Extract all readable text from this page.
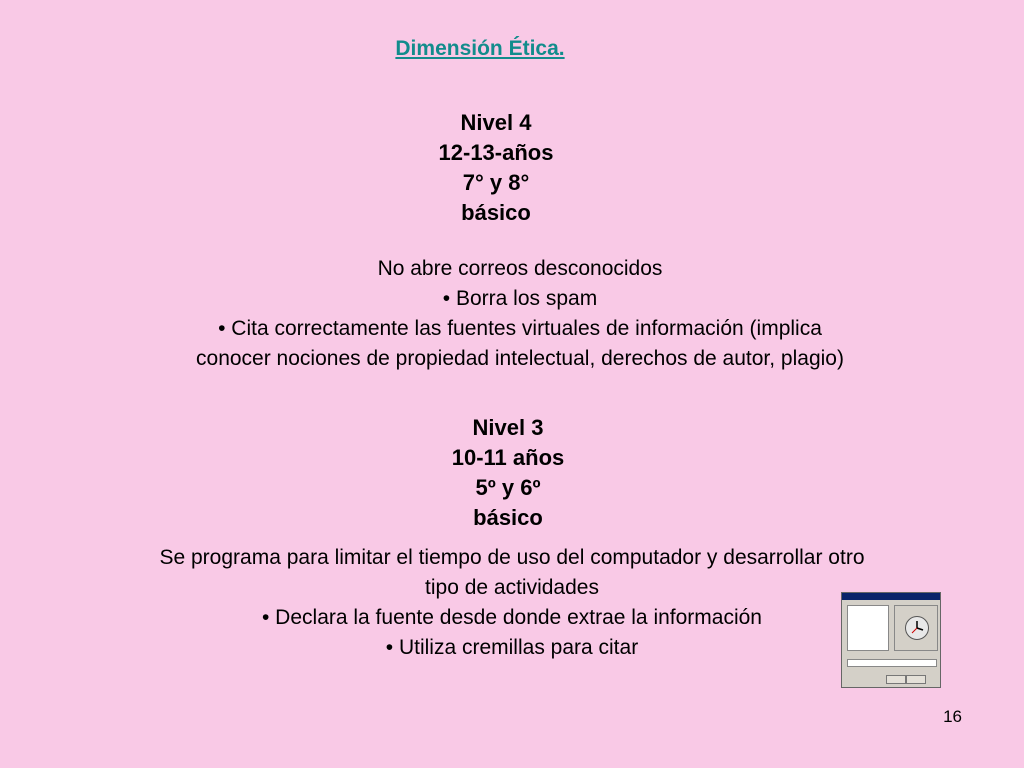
Dimensión Ética.
Nivel 4
12-13-años
7° y 8°
básico
No abre correos desconocidos
• Borra los spam
• Cita correctamente las fuentes virtuales de información (implica
conocer nociones de propiedad intelectual, derechos de autor, plagio)
Nivel 3
10-11 años
5º y 6º
básico
Se programa para limitar el tiempo de uso del computador y desarrollar otro
tipo de actividades
• Declara la fuente desde donde extrae la información
• Utiliza cremillas para citar
16
